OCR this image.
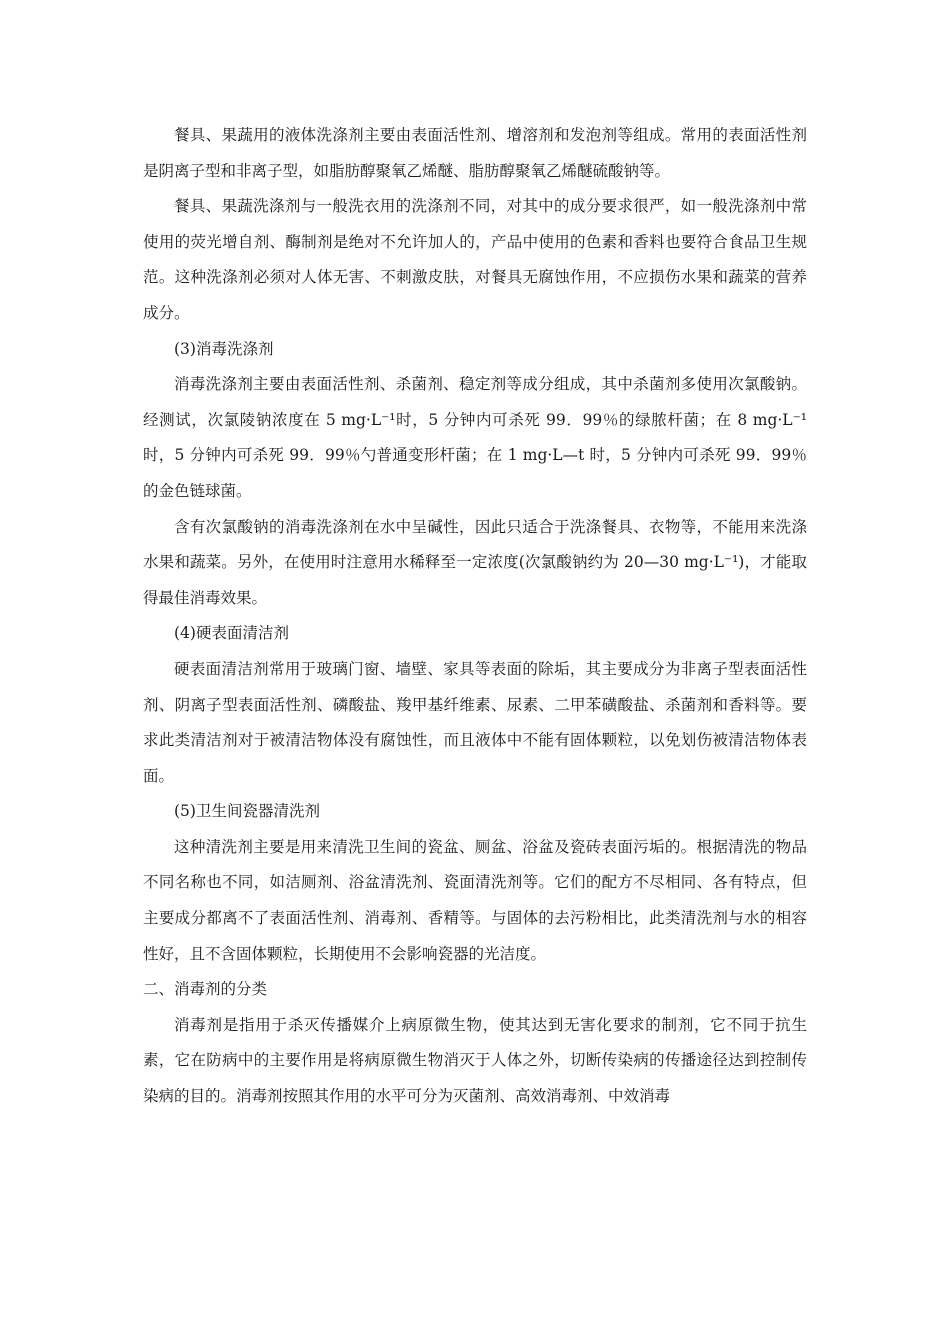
餐具、果蔬用的液体洗涤剂主要由表面活性剂、增溶剂和发泡剂等组成。常用的表面活性剂是阴离子型和非离子型，如脂肪醇聚氧乙烯醚、脂肪醇聚氧乙烯醚硫酸钠等。

餐具、果蔬洗涤剂与一般洗衣用的洗涤剂不同，对其中的成分要求很严，如一般洗涤剂中常使用的荧光增自剂、酶制剂是绝对不允许加人的，产品中使用的色素和香料也要符合食品卫生规范。这种洗涤剂必须对人体无害、不刺激皮肤，对餐具无腐蚀作用，不应损伤水果和蔬菜的营养成分。

(3)消毒洗涤剂

消毒洗涤剂主要由表面活性剂、杀菌剂、稳定剂等成分组成，其中杀菌剂多使用次氯酸钠。经测试，次氯陵钠浓度在 5 mg·L⁻¹时，5 分钟内可杀死 99．99％的绿脓杆菌；在 8 mg·L⁻¹时，5 分钟内可杀死 99．99％勺普通变形杆菌；在 1 mg·L—t 时，5 分钟内可杀死 99．99％的金色链球菌。

含有次氯酸钠的消毒洗涤剂在水中呈碱性，因此只适合于洗涤餐具、衣物等，不能用来洗涤水果和蔬菜。另外，在使用时注意用水稀释至一定浓度(次氯酸钠约为 20—30 mg·L⁻¹)，才能取得最佳消毒效果。

(4)硬表面清洁剂

硬表面清洁剂常用于玻璃门窗、墙壁、家具等表面的除垢，其主要成分为非离子型表面活性剂、阴离子型表面活性剂、磷酸盐、羧甲基纤维素、尿素、二甲苯磺酸盐、杀菌剂和香料等。要求此类清洁剂对于被清洁物体没有腐蚀性，而且液体中不能有固体颗粒，以免划伤被清洁物体表面。

(5)卫生间瓷器清洗剂

这种清洗剂主要是用来清洗卫生间的瓷盆、厕盆、浴盆及瓷砖表面污垢的。根据清洗的物品不同名称也不同，如洁厕剂、浴盆清洗剂、瓷面清洗剂等。它们的配方不尽相同、各有特点，但主要成分都离不了表面活性剂、消毒剂、香精等。与固体的去污粉相比，此类清洗剂与水的相容性好，且不含固体颗粒，长期使用不会影响瓷器的光洁度。

二、消毒剂的分类

消毒剂是指用于杀灭传播媒介上病原微生物，使其达到无害化要求的制剂，它不同于抗生素，它在防病中的主要作用是将病原微生物消灭于人体之外，切断传染病的传播途径达到控制传染病的目的。消毒剂按照其作用的水平可分为灭菌剂、高效消毒剂、中效消毒
